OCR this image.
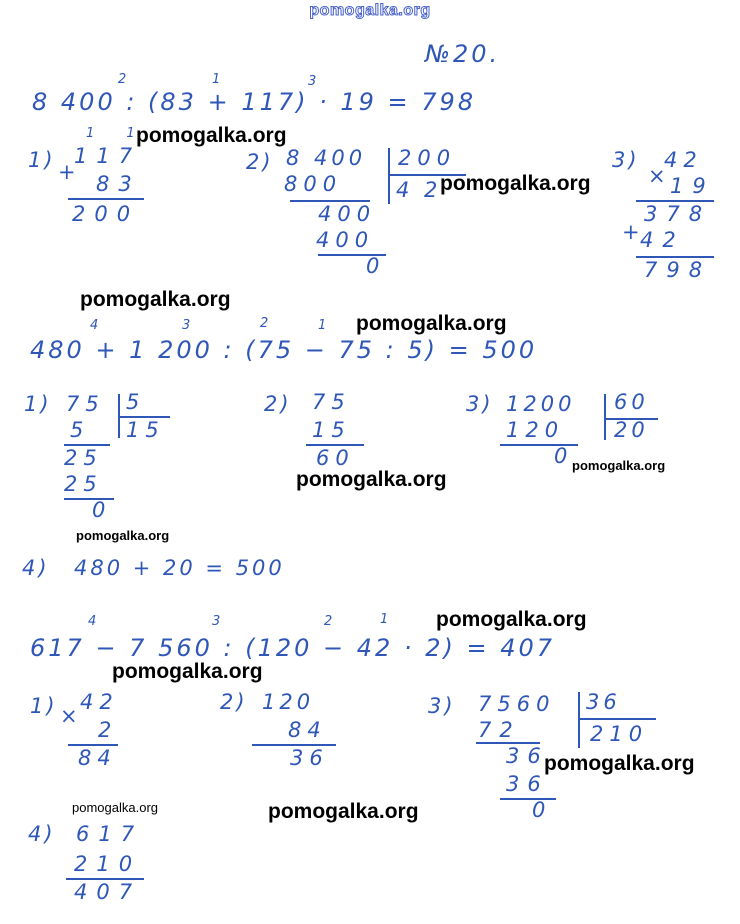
pomogalka.org
№20.
2	1	3
8 400 : (83 + 117) · 19 = 798
1)
1 1
+
117
83
200
2) 8 400 200
4 2
800
400
400
0
3) 42
× 19
378
+
42
798
4	3	2	1
480 + 1 200 : (75 − 75 : 5) = 500
1) 75 5
15
5
25
25
0
2) 75
15
60
3) 1200 60
20
120
0
4) 480 + 20 = 500
4	3	2	1
617 − 7 560 : (120 − 42 · 2) = 407
1) ×
42
2
84
2) 120
84
36
3) 7560 36
210
72
36
36
0
4) 617
210
407
pomogalka.org
pomogalka.org
pomogalka.org
pomogalka.org
pomogalka.org
pomogalka.org
pomogalka.org
pomogalka.org
pomogalka.org
pomogalka.org
pomogalka.org	pomogalka.org
